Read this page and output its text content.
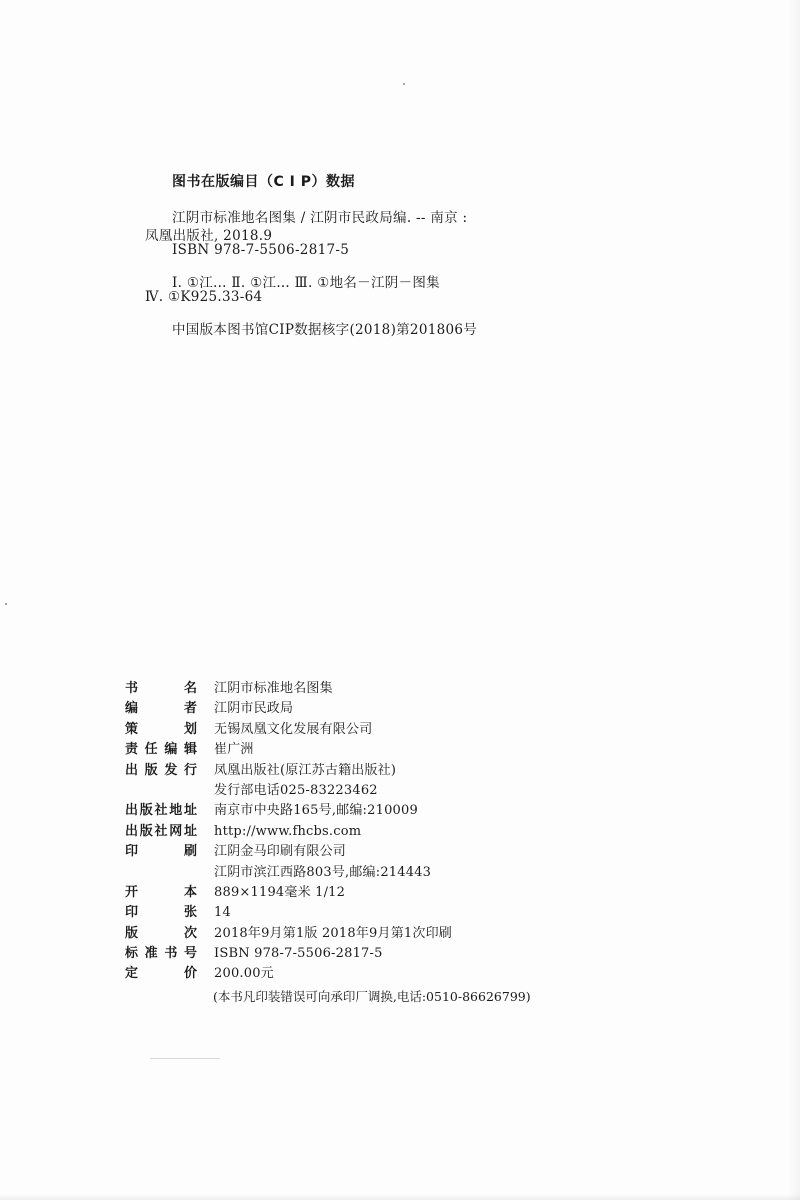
图书在版编目（C I P）数据
江阴市标准地名图集 / 江阴市民政局编. -- 南京 :
凤凰出版社, 2018.9
ISBN 978-7-5506-2817-5
Ⅰ. ①江… Ⅱ. ①江… Ⅲ. ①地名－江阴－图集
Ⅳ. ①K925.33-64
中国版本图书馆CIP数据核字(2018)第201806号
书	名 江阴市标准地名图集
编	者 江阴市民政局
策	划 无锡凤凰文化发展有限公司
责 任 编 辑 崔广洲
出 版 发 行 凤凰出版社(原江苏古籍出版社)
发行部电话025-83223462
出 版 社 地 址 南京市中央路165号,邮编:210009
出 版 社 网 址 http://www.fhcbs.com
印	刷 江阴金马印刷有限公司
江阴市滨江西路803号,邮编:214443
开	本 889×1194毫米 1/12
印	张 14
版	次 2018年9月第1版 2018年9月第1次印刷
标 准 书 号 ISBN 978-7-5506-2817-5
定	价 200.00元
(本书凡印装错误可向承印厂调换,电话:0510-86626799)
